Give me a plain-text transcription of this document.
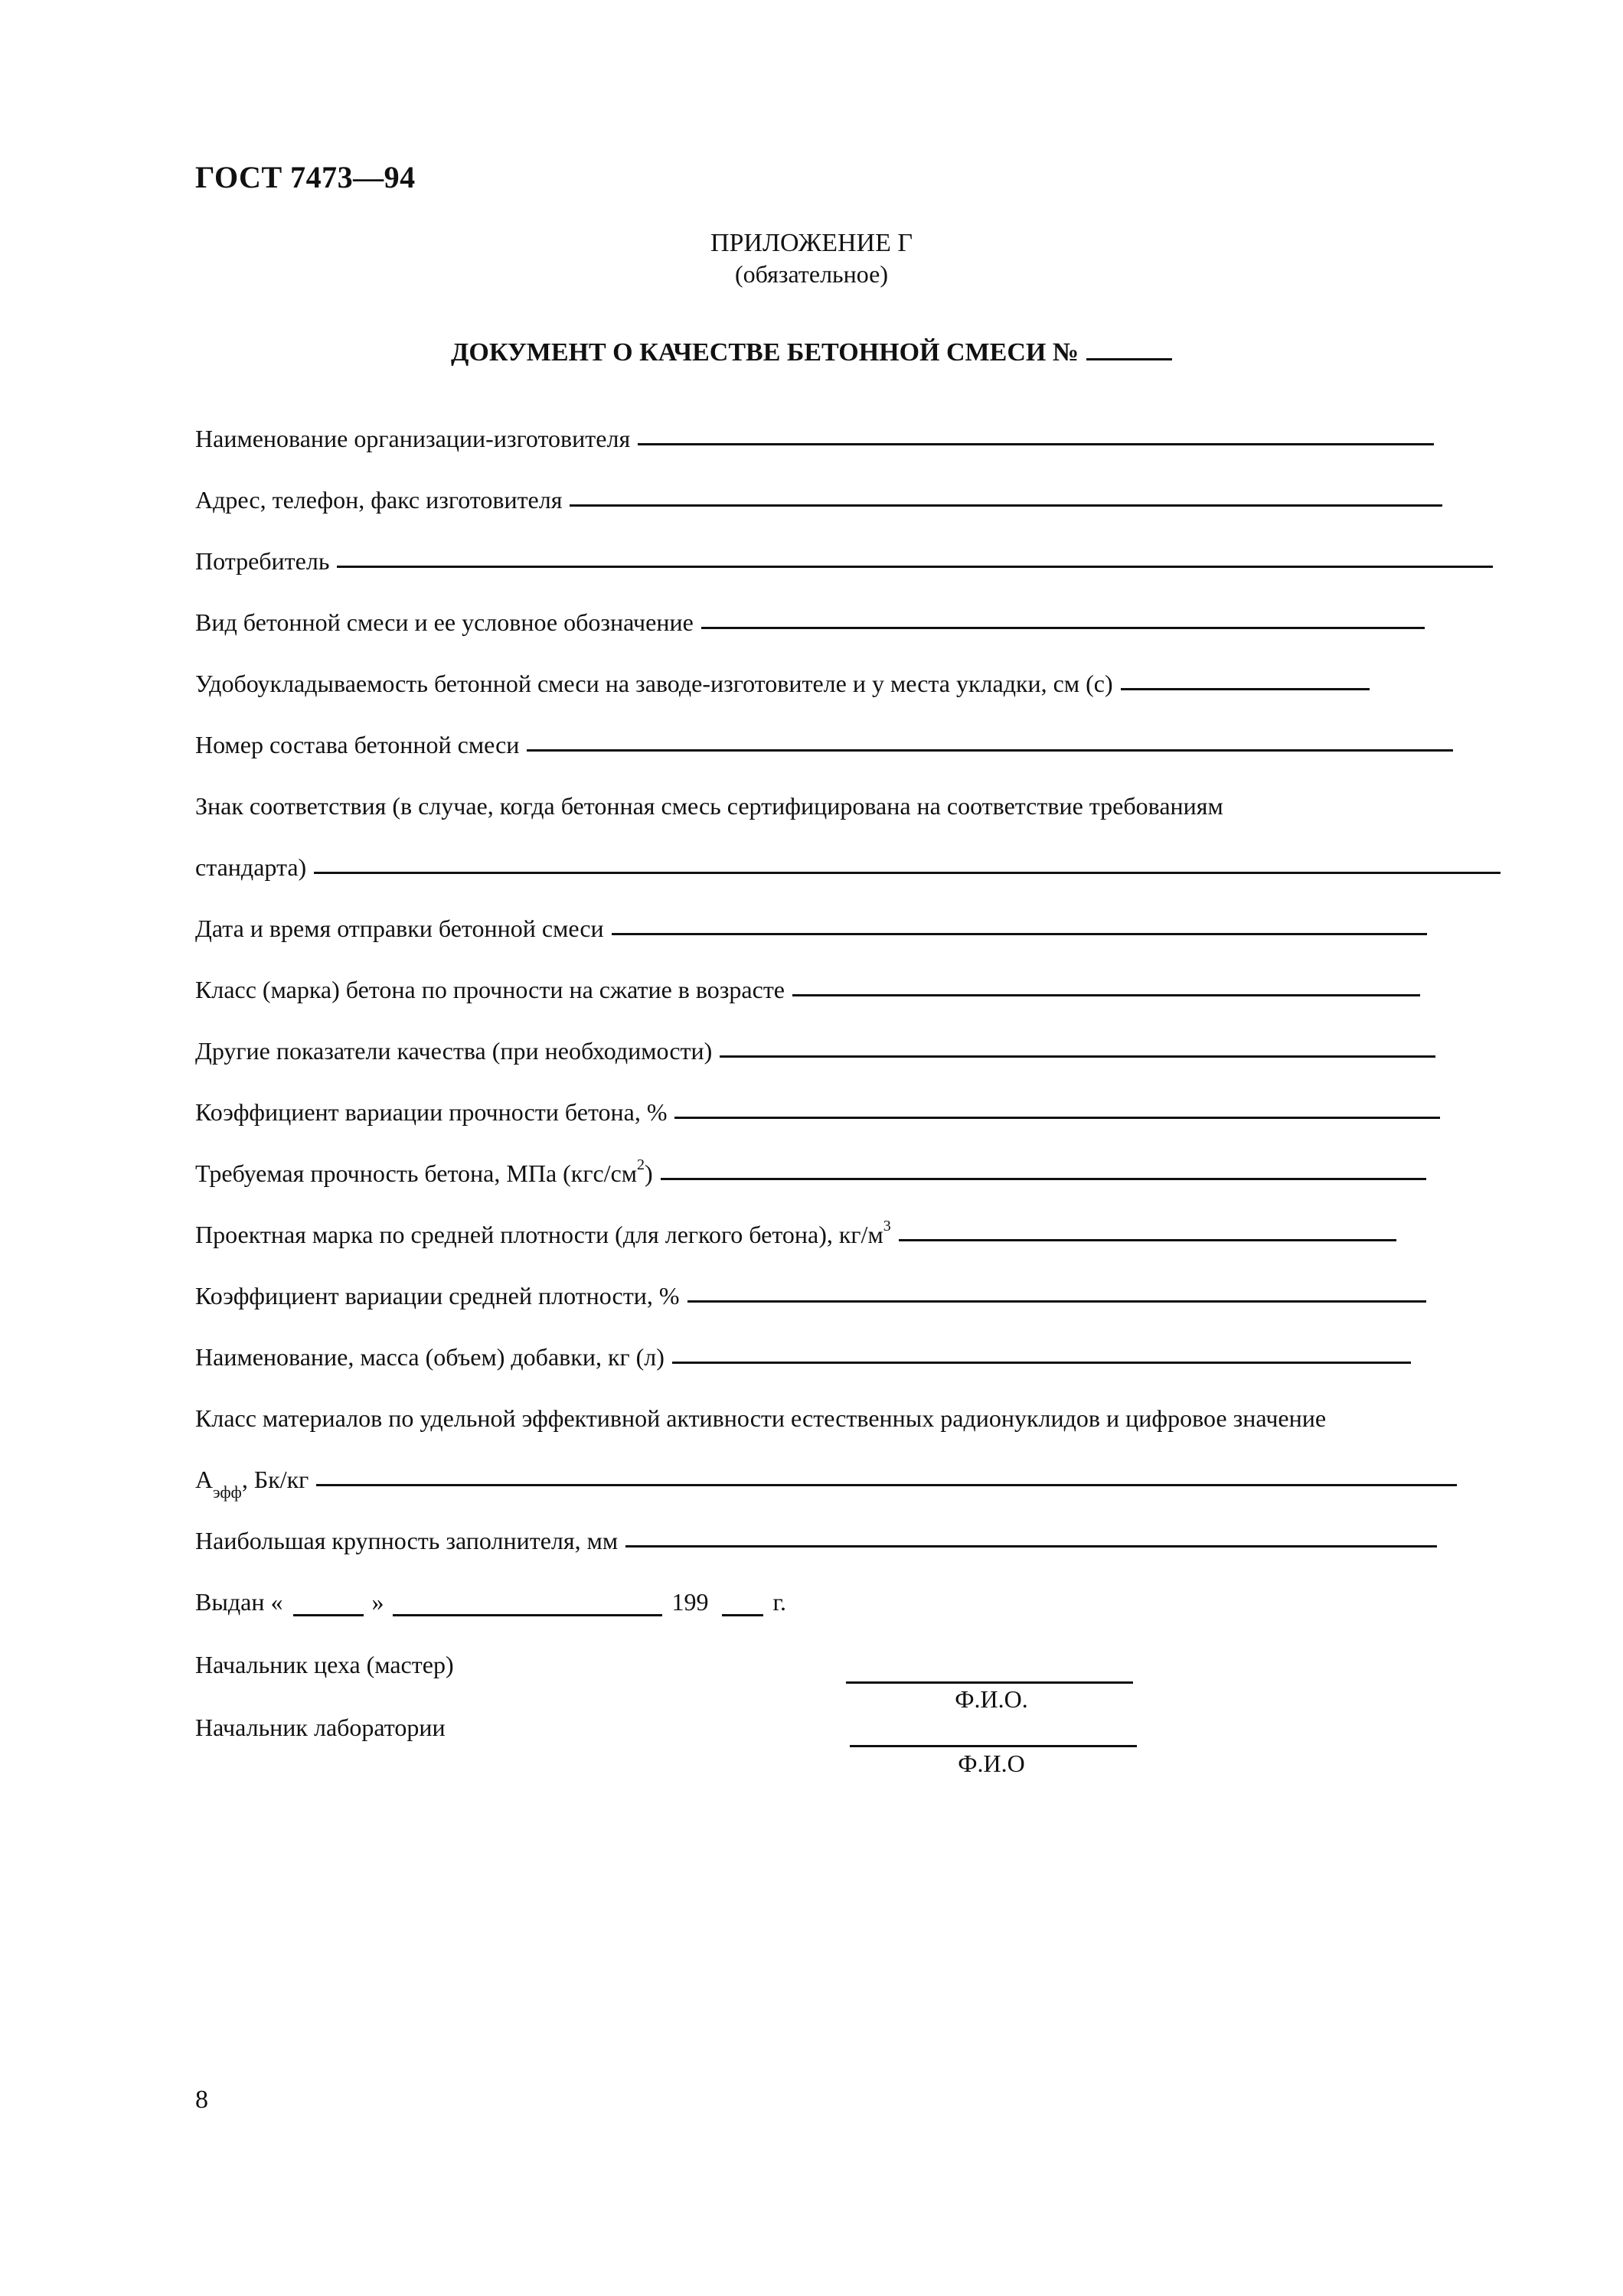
ГОСТ 7473—94
ПРИЛОЖЕНИЕ Г
(обязательное)
ДОКУМЕНТ О КАЧЕСТВЕ БЕТОННОЙ СМЕСИ №
Наименование организации-изготовителя
Адрес, телефон, факс изготовителя
Потребитель
Вид бетонной смеси и ее условное обозначение
Удобоукладываемость бетонной смеси на заводе-изготовителе и у места укладки, см (с)
Номер состава бетонной смеси
Знак соответствия (в случае, когда бетонная смесь сертифицирована на соответствие требованиям
стандарта)
Дата и время отправки бетонной смеси
Класс (марка) бетона по прочности на сжатие в возрасте
Другие показатели качества (при необходимости)
Коэффициент вариации прочности бетона, %
Требуемая прочность бетона, МПа $(кгс/см^2)$
Проектная марка по средней плотности (для легкого бетона), $кг/м^3$
Коэффициент вариации средней плотности, %
Наименование, масса (объем) добавки, кг (л)
Класс материалов по удельной эффективной активности естественных радионуклидов и цифровое значение
$А_{эфф}$, Бк/кг
Наибольшая крупность заполнителя, мм
Выдан «	»	199	г.
Начальник цеха (мастер)
Ф.И.О.
Начальник лаборатории
Ф.И.О
8
